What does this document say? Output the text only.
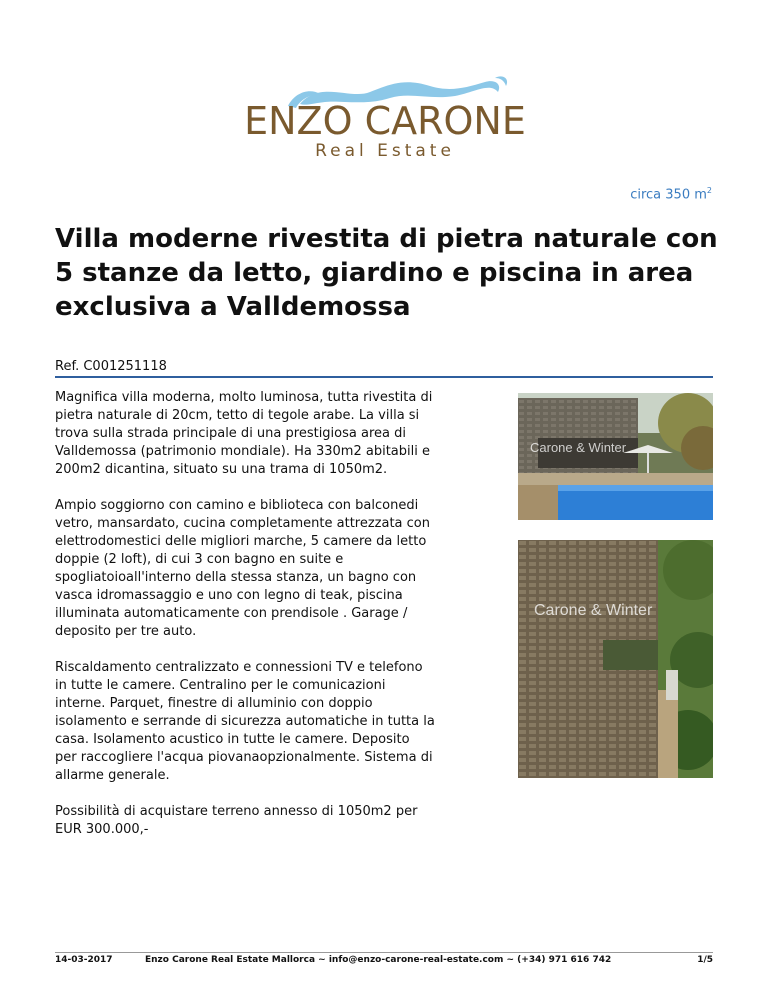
ENZO CARONE
Real Estate
circa 350 $m^2$
Villa moderne rivestita di pietra naturale con 5 stanze da letto, giardino e piscina in area exclusiva a Valldemossa
Ref. C001251118

Magnifica villa moderna, molto luminosa, tutta rivestita di pietra naturale di 20cm, tetto di tegole arabe. La villa si trova sulla strada principale di una prestigiosa area di Valldemossa (patrimonio mondiale). Ha 330m2 abitabili e 200m2 dicantina, situato su una trama di 1050m2.

Ampio soggiorno con camino e biblioteca con balconedi vetro, mansardato, cucina completamente attrezzata con elettrodomestici delle migliori marche, 5 camere da letto doppie (2 loft), di cui 3 con bagno en suite e spogliatoioall'interno della stessa stanza, un bagno con vasca idromassaggio e uno con legno di teak, piscina illuminata automaticamente con prendisole . Garage / deposito per tre auto.

Riscaldamento centralizzato e connessioni TV e telefono in tutte le camere. Centralino per le comunicazioni interne. Parquet, finestre di alluminio con doppio isolamento e serrande di sicurezza automatiche in tutta la casa. Isolamento acustico in tutte le camere. Deposito per raccogliere l'acqua piovanaopzionalmente. Sistema di allarme generale.

Possibilità di acquistare terreno annesso di 1050m2 per EUR 300.000,-

Carone & Winter
Carone & Winter
14-03-2017	Enzo Carone Real Estate Mallorca ~ info@enzo-carone-real-estate.com ~ (+34) 971 616 742	1/5
